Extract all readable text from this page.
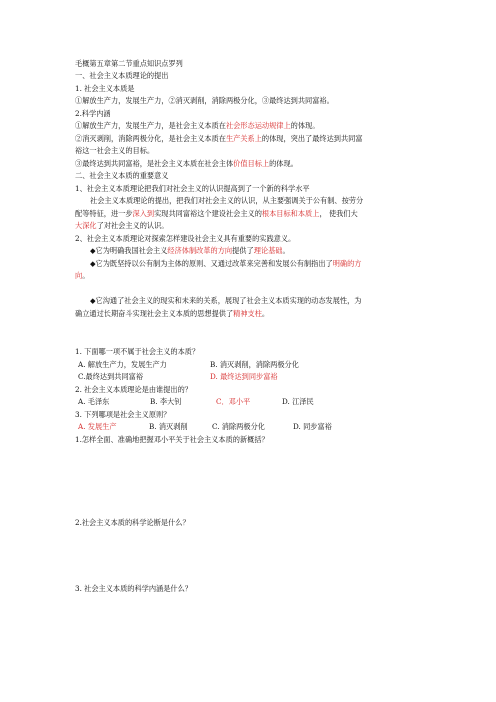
毛概第五章第二节重点知识点罗列
一、社会主义本质理论的提出
1. 社会主义本质是
①解放生产力，发展生产力，②消灭剥削，消除两极分化，③最终达到共同富裕。
2.科学内涵
①解放生产力，发展生产力，是社会主义本质在社会形态运动规律上的体现。
②消灭剥削，消除两极分化，是社会主义本质在生产关系上的体现，突出了最终达到共同富
裕这一社会主义的目标。
③最终达到共同富裕，是社会主义本质在社会主体价值目标上的体现。
二、社会主义本质的重要意义
1、社会主义本质理论把我们对社会主义的认识提高到了一个新的科学水平
社会主义本质理论的提出，把我们对社会主义的认识，从主要强调关于公有制、按劳分
配等特征，进一步深入到实现共同富裕这个建设社会主义的根本目标和本质上， 使我们大
大深化了对社会主义的认识。
2、社会主义本质理论对探索怎样建设社会主义具有重要的实践意义。
◆它为明确我国社会主义经济体制改革的方向提供了理论基础。
◆它为既坚持以公有制为主体的原则、又通过改革来完善和发展公有制指出了明确的方
向。
◆它沟通了社会主义的现实和未来的关系，展现了社会主义本质实现的动态发展性，为
确立通过长期奋斗实现社会主义本质的思想提供了精神支柱。
1. 下面哪一项不属于社会主义的本质？
A. 解放生产力，发展生产力	B. 消灭剥削，消除两极分化
C.最终达到共同富裕	D. 最终达到同步富裕
2. 社会主义本质理论是由谁提出的？
A. 毛泽东	B. 李大钊	C．邓小平	D. 江泽民
3. 下列哪项是社会主义原则？
A. 发展生产	B. 消灭剥削	C. 消除两极分化	D. 同步富裕
1.怎样全面、准确地把握邓小平关于社会主义本质的新概括？
2.社会主义本质的科学论断是什么？
3. 社会主义本质的科学内涵是什么？
